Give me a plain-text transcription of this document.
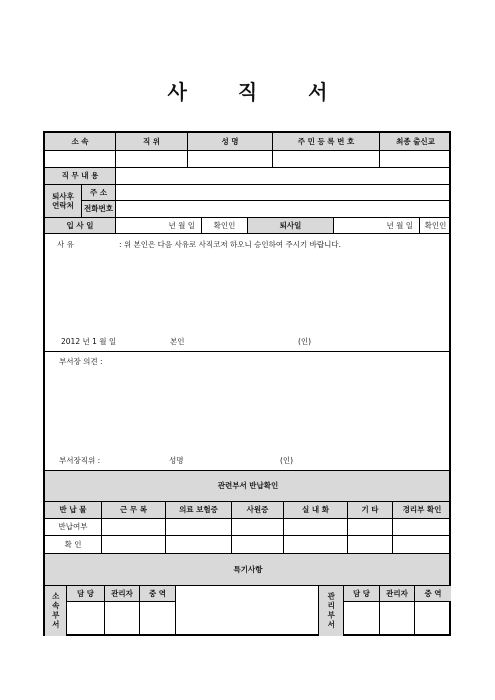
사 직 서
소 속	직 위	성 명	주 민 등 록 번 호	최종 출신교
직 무 내 용
퇴사후
연락처
주 소
전화번호
입 사 일	년 월 일	확인인	퇴사일	년 월 일	확인인
사 유	: 위 본인은 다음 사유로 사직코저 하오니 승인하여 주시기 바랍니다.
2012 년 1 월 일	본인	(인)
부서장 의견 :
부서장직위 :	성명	(인)
관련부서 반납확인
반 납 물	근 무 복	의료 보험증	사원증	실 내 화	기 타	경리부 확인
반납여부
확 인
특기사항
소속부서	담 당	관리자	중 역	관리부서	담 당	관리자	중 역
